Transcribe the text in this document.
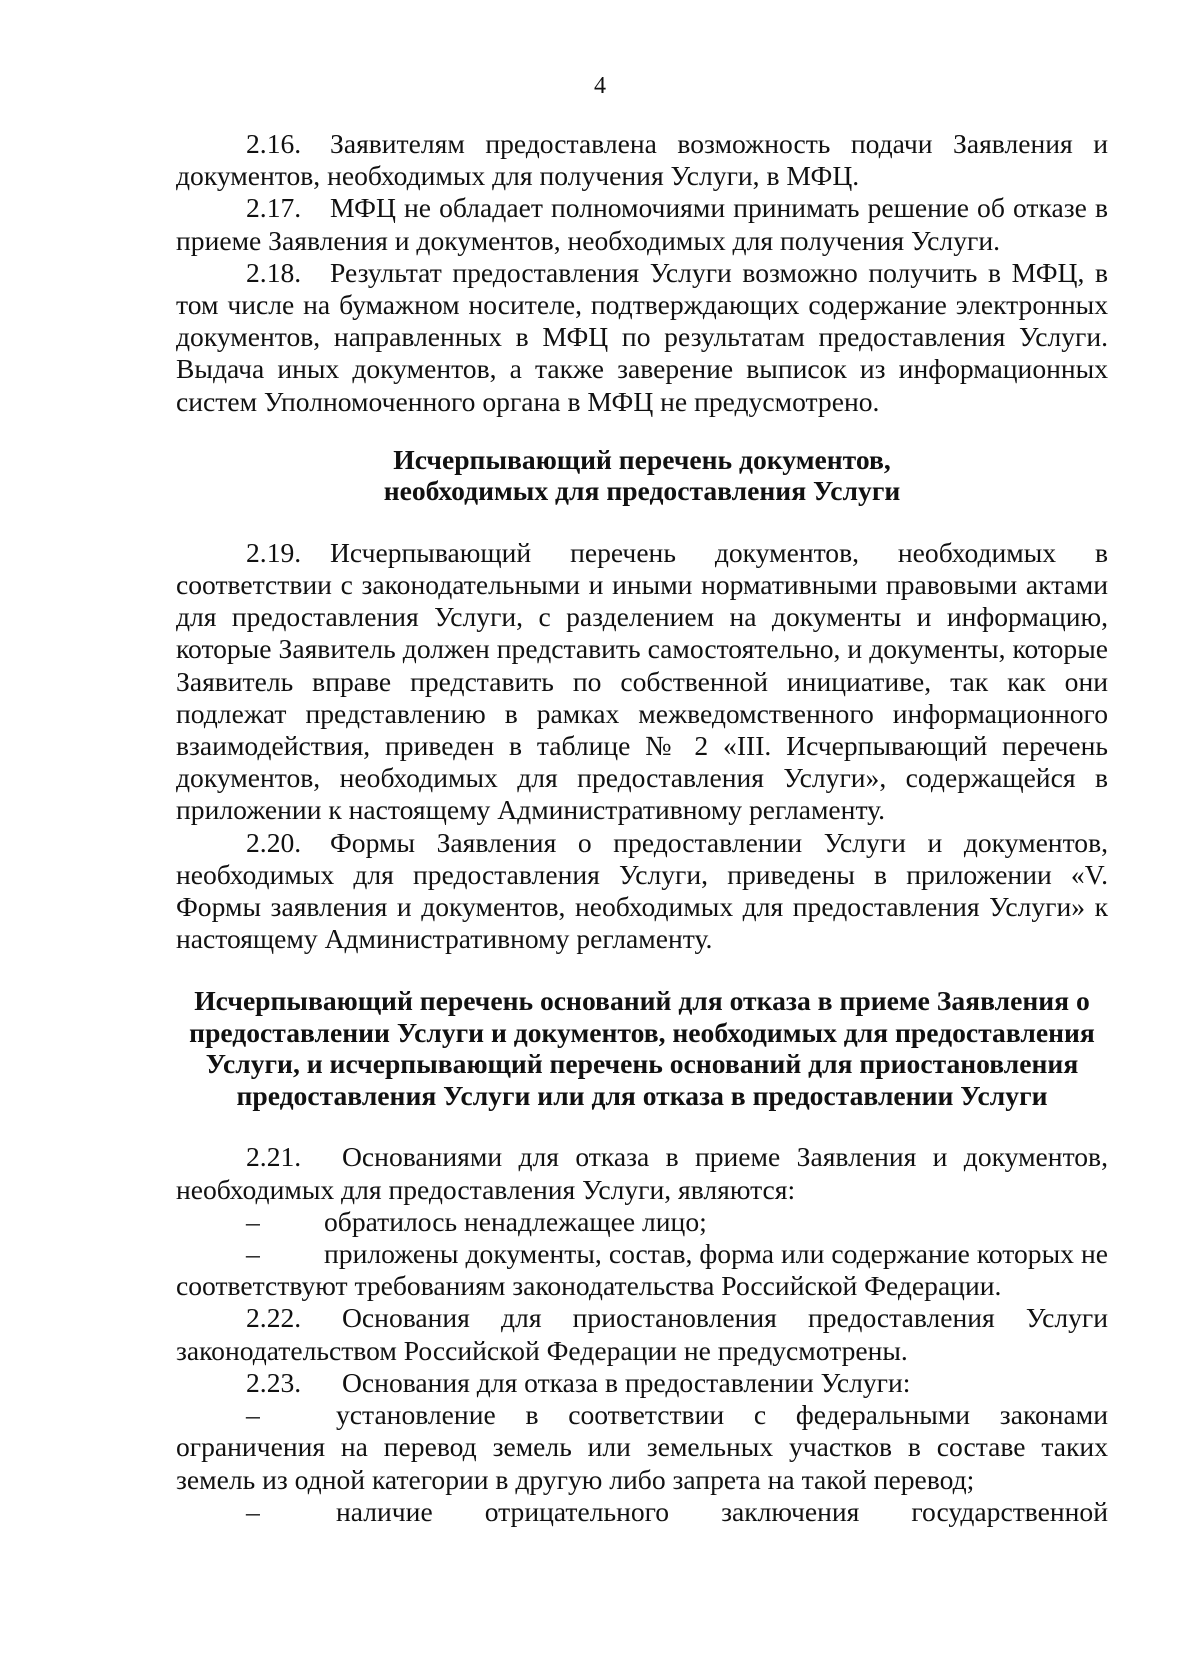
4

2.16. Заявителям предоставлена возможность подачи Заявления и документов, необходимых для получения Услуги, в МФЦ.

2.17. МФЦ не обладает полномочиями принимать решение об отказе в приеме Заявления и документов, необходимых для получения Услуги.

2.18. Результат предоставления Услуги возможно получить в МФЦ, в том числе на бумажном носителе, подтверждающих содержание электронных документов, направленных в МФЦ по результатам предоставления Услуги. Выдача иных документов, а также заверение выписок из информационных систем Уполномоченного органа в МФЦ не предусмотрено.

Исчерпывающий перечень документов,
необходимых для предоставления Услуги

2.19. Исчерпывающий перечень документов, необходимых в соответствии с законодательными и иными нормативными правовыми актами для предоставления Услуги, с разделением на документы и информацию, которые Заявитель должен представить самостоятельно, и документы, которые Заявитель вправе представить по собственной инициативе, так как они подлежат представлению в рамках межведомственного информационного взаимодействия, приведен в таблице № 2 «III. Исчерпывающий перечень документов, необходимых для предоставления Услуги», содержащейся в приложении к настоящему Административному регламенту.

2.20. Формы Заявления о предоставлении Услуги и документов, необходимых для предоставления Услуги, приведены в приложении «V. Формы заявления и документов, необходимых для предоставления Услуги» к настоящему Административному регламенту.

Исчерпывающий перечень оснований для отказа в приеме Заявления о
предоставлении Услуги и документов, необходимых для предоставления
Услуги, и исчерпывающий перечень оснований для приостановления
предоставления Услуги или для отказа в предоставлении Услуги

2.21. Основаниями для отказа в приеме Заявления и документов, необходимых для предоставления Услуги, являются:

– обратилось ненадлежащее лицо;

– приложены документы, состав, форма или содержание которых не соответствуют требованиям законодательства Российской Федерации.

2.22. Основания для приостановления предоставления Услуги законодательством Российской Федерации не предусмотрены.

2.23. Основания для отказа в предоставлении Услуги:

–	установление в соответствии с федеральными законами ограничения на перевод земель или земельных участков в составе таких земель из одной категории в другую либо запрета на такой перевод;

–	наличие отрицательного заключения государственной
